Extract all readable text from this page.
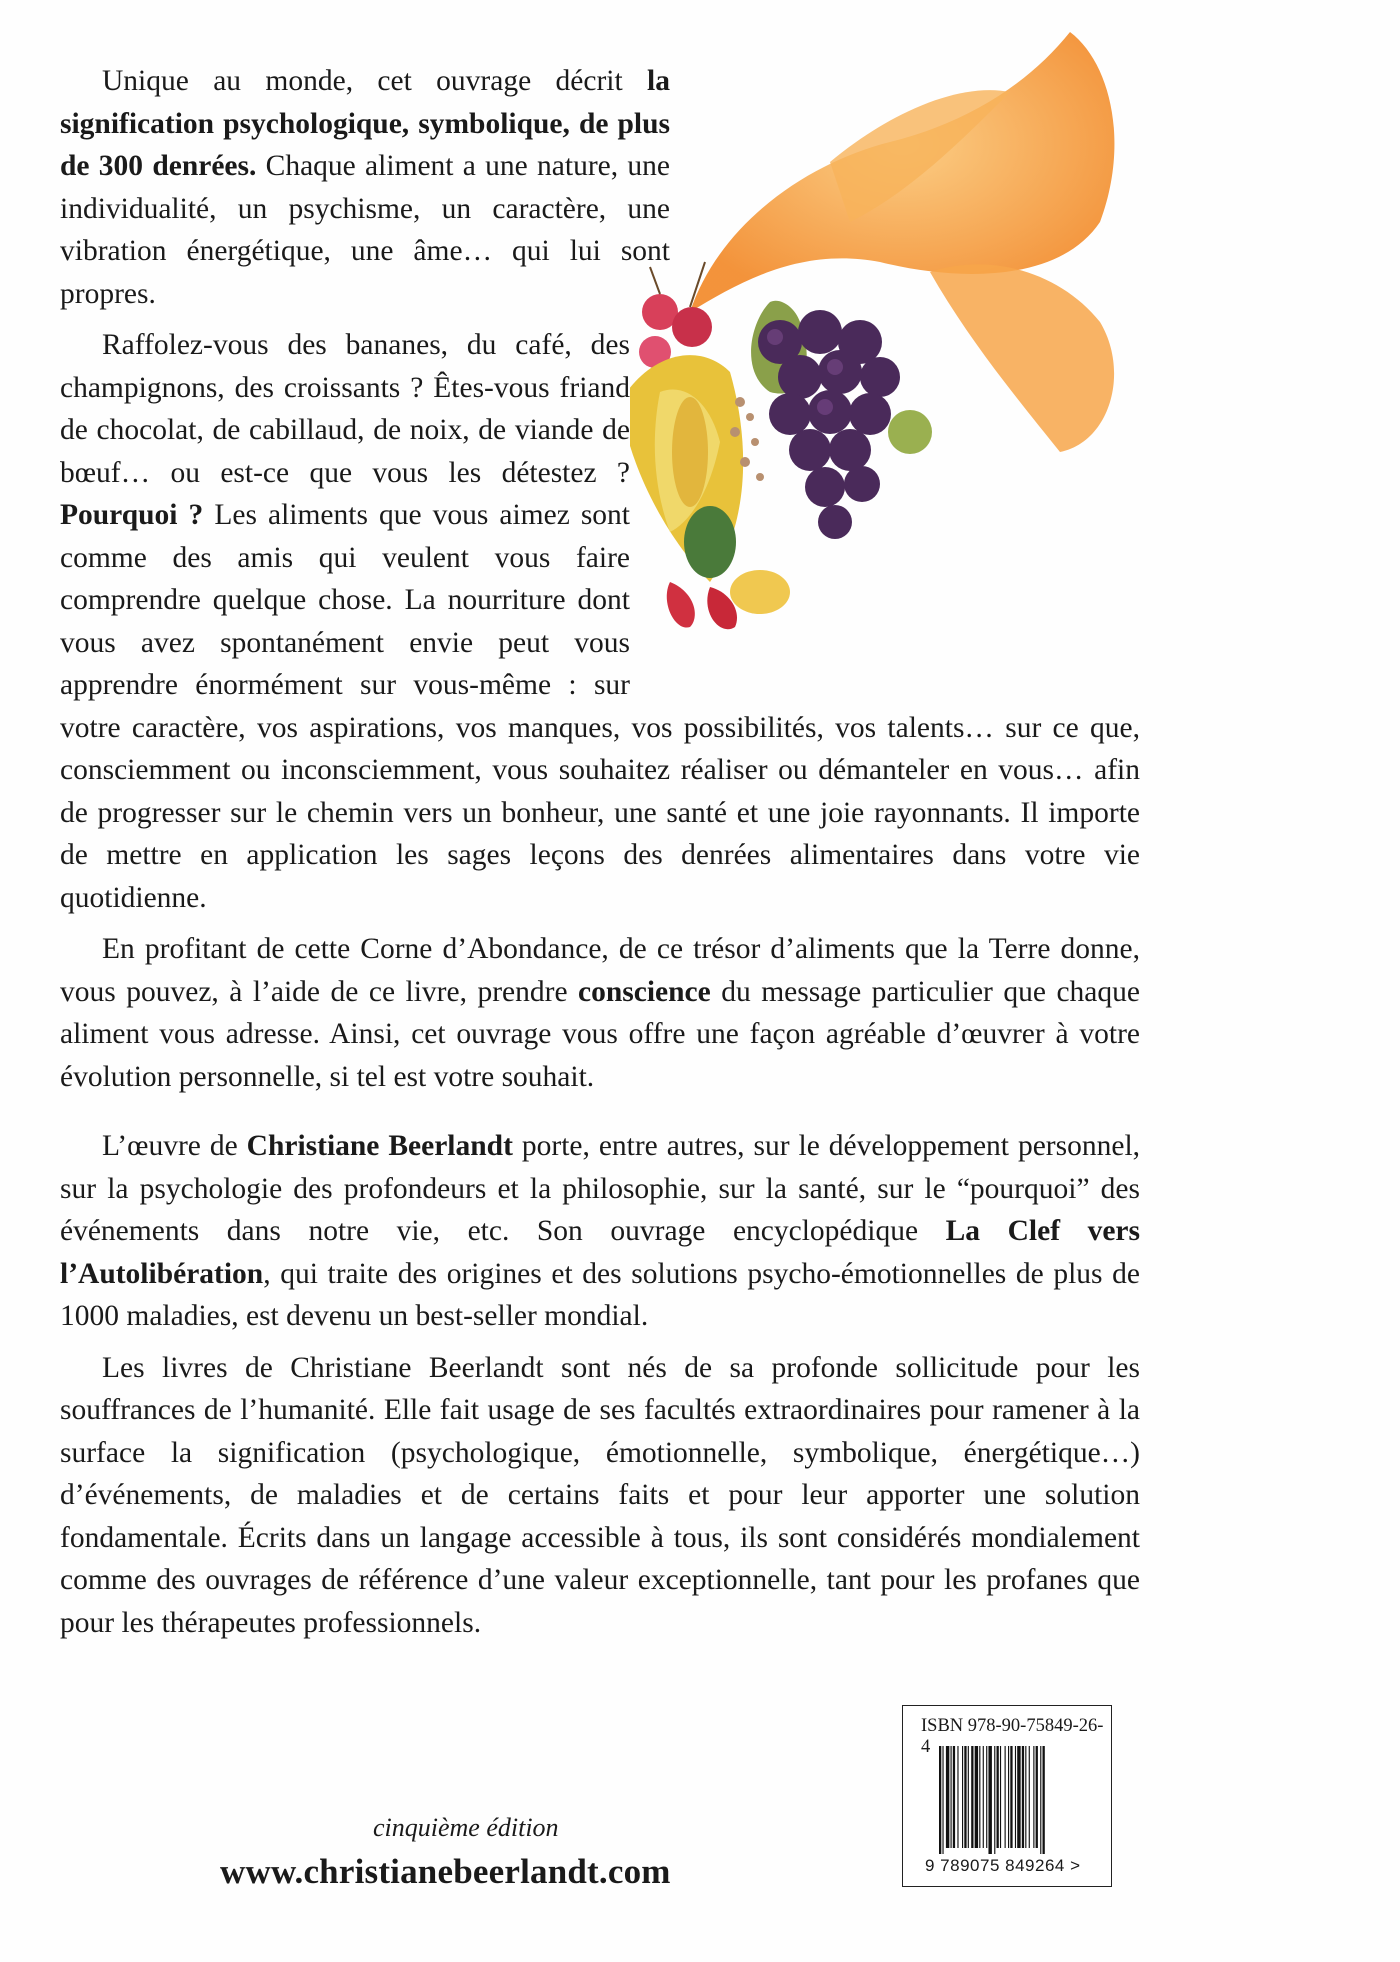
Unique au monde, cet ouvrage décrit la signification psychologique, symbolique, de plus de 300 denrées. Chaque aliment a une nature, une individualité, un psychisme, un caractère, une vibration énergétique, une âme… qui lui sont propres.

Raffolez-vous des bananes, du café, des champignons, des croissants ? Êtes-vous friand de chocolat, de cabillaud, de noix, de viande de bœuf… ou est-ce que vous les détestez ? Pourquoi ? Les aliments que vous aimez sont comme des amis qui veulent vous faire comprendre quelque chose. La nourriture dont vous avez spontanément envie peut vous apprendre énormément sur vous-même : sur votre caractère, vos aspirations, vos manques, vos possibilités, vos talents… sur ce que, consciemment ou inconsciemment, vous souhaitez réaliser ou démanteler en vous… afin de progresser sur le chemin vers un bonheur, une santé et une joie rayonnants. Il importe de mettre en application les sages leçons des denrées alimentaires dans votre vie quotidienne.

En profitant de cette Corne d’Abondance, de ce trésor d’aliments que la Terre donne, vous pouvez, à l’aide de ce livre, prendre conscience du message particulier que chaque aliment vous adresse. Ainsi, cet ouvrage vous offre une façon agréable d’œuvrer à votre évolution personnelle, si tel est votre souhait.

L’œuvre de Christiane Beerlandt porte, entre autres, sur le développement personnel, sur la psychologie des profondeurs et la philosophie, sur la santé, sur le “pourquoi” des événements dans notre vie, etc. Son ouvrage encyclopédique La Clef vers l’Autolibération, qui traite des origines et des solutions psycho-émotionnelles de plus de 1000 maladies, est devenu un best-seller mondial.

Les livres de Christiane Beerlandt sont nés de sa profonde sollicitude pour les souffrances de l’humanité. Elle fait usage de ses facultés extraordinaires pour ramener à la surface la signification (psychologique, émotionnelle, symbolique, énergétique…) d’événements, de maladies et de certains faits et pour leur apporter une solution fondamentale. Écrits dans un langage accessible à tous, ils sont considérés mondialement comme des ouvrages de référence d’une valeur exceptionnelle, tant pour les profanes que pour les thérapeutes professionnels.

cinquième édition
www.christianebeerlandt.com
ISBN 978-90-75849-26-4
9 789075 849264 >
